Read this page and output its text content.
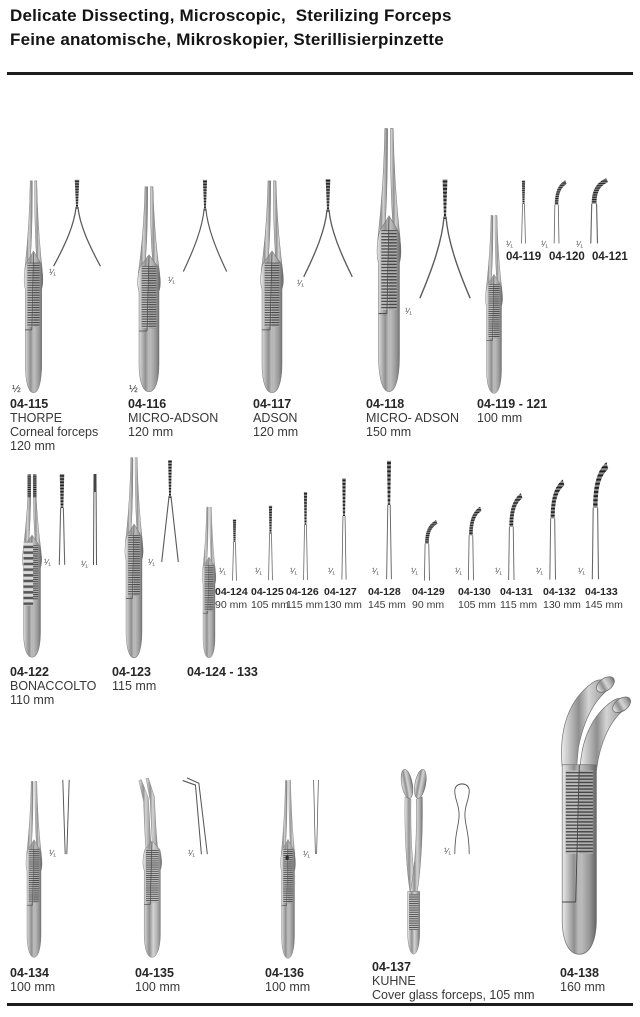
Delicate Dissecting, Microscopic,  Sterilizing Forceps
Feine anatomische, Mikroskopier, Sterillisierpinzette
½	½
¹⁄₁
¹⁄₁	¹⁄₁
¹⁄₁
¹⁄₁	¹⁄₁	¹⁄₁
04-119 04-120 04-121
04-115
THORPE
Corneal forceps
120 mm
04-116
MICRO-ADSON
120 mm
04-117
ADSON
120 mm
04-118
MICRO- ADSON
150 mm
04-119 - 121
100 mm
¹⁄₁	¹⁄₁	¹⁄₁
¹⁄₁	¹⁄₁	¹⁄₁	¹⁄₁	¹⁄₁	¹⁄₁	¹⁄₁	¹⁄₁	¹⁄₁	¹⁄₁
04-124
90 mm
04-125
105 mm
04-126
115 mm
04-127
130 mm
04-128
145 mm
04-129
90 mm
04-130
105 mm
04-131
115 mm
04-132
130 mm
04-133
145 mm
04-122
BONACCOLTO
110 mm
04-123
115 mm
04-124 - 133
¹⁄₁	¹⁄₁	¹⁄₁	¹⁄₁
04-134
100 mm
04-135
100 mm
04-136
100 mm
04-137
KUHNE
Cover glass forceps, 105 mm
04-138
160 mm
